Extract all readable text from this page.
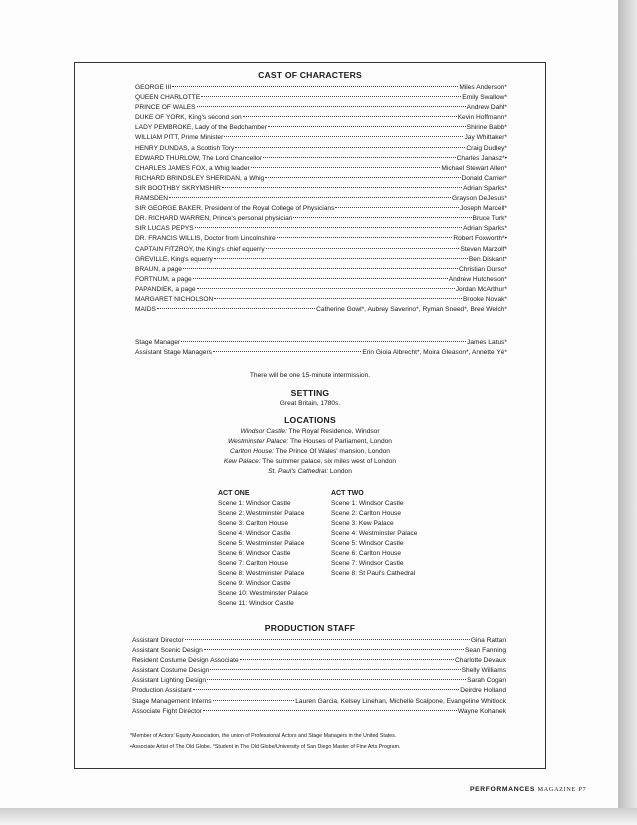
CAST OF CHARACTERS
GEORGE III	Miles Anderson*
QUEEN CHARLOTTE	Emily Swallow*
PRINCE OF WALES	Andrew Dahl*
DUKE OF YORK, King's second son	Kevin Hoffmann*
LADY PEMBROKE, Lady of the Bedchamber	Shirine Babb*
WILLIAM PITT, Prime Minister	Jay Whittaker*
HENRY DUNDAS, a Scottish Tory	Craig Dudley*
EDWARD THURLOW, The Lord Chancellor	Charles Janasz*•
CHARLES JAMES FOX, a Whig leader	Michael Stewart Allen*
RICHARD BRINDSLEY SHERIDAN, a Whig	Donald Carrier*
SIR BOOTHBY SKRYMSHIR	Adrian Sparks*
RAMSDEN	Grayson DeJesus*
SIR GEORGE BAKER, President of the Royal College of Physicians	Joseph Marcell*
DR. RICHARD WARREN, Prince's personal physician	Bruce Turk*
SIR LUCAS PEPYS	Adrian Sparks*
DR. FRANCIS WILLIS, Doctor from Lincolnshire	Robert Foxworth*•
CAPTAIN FITZROY, the King's chief equerry	Steven Marzolf*
GREVILLE, King's equerry	Ben Diskant*
BRAUN, a page	Christian Durso*
FORTNUM, a page	Andrew Hutcheson*
PAPANDIEK, a page	Jordan McArthur*
MARGARET NICHOLSON	Brooke Novak*
MAIDS	Catherine Gowl*, Aubrey Saverino*, Ryman Sneed*, Bree Welch*
Stage Manager	James Latus*
Assistant Stage Managers	Erin Gioia Albrecht*, Moira Gleason*, Annette Yé*
There will be one 15-minute intermission.
SETTING
Great Britain, 1780s.
LOCATIONS
Windsor Castle: The Royal Residence, Windsor
Westminster Palace: The Houses of Parliament, London
Carlton House: The Prince Of Wales' mansion, London
Kew Palace: The summer palace, six miles west of London
St. Paul's Cathedral: London
ACT ONE
Scene 1: Windsor Castle
Scene 2: Westminster Palace
Scene 3: Carlton House
Scene 4: Windsor Castle
Scene 5: Westminster Palace
Scene 6: Windsor Castle
Scene 7: Carlton House
Scene 8: Westminster Palace
Scene 9: Windsor Castle
Scene 10: Westminster Palace
Scene 11: Windsor Castle
ACT TWO
Scene 1: Windsor Castle
Scene 2: Carlton House
Scene 3: Kew Palace
Scene 4: Westminster Palace
Scene 5: Windsor Castle
Scene 6: Carlton House
Scene 7: Windsor Castle
Scene 8: St Paul's Cathedral
PRODUCTION STAFF
Assistant Director	Gina Rattan
Assistant Scenic Design	Sean Fanning
Resident Costume Design Associate	Charlotte Devaux
Assistant Costume Design	Shelly Williams
Assistant Lighting Design	Sarah Cogan
Production Assistant	Deirdre Holland
Stage Management Interns	Lauren Garcia, Kelsey Linehan, Michelle Scalpone, Evangeline Whitlock
Associate Fight Director	Wayne Kohanek
*Member of Actors' Equity Association, the union of Professional Actors and Stage Managers in the United States.
•Associate Artist of The Old Globe. °Student in The Old Globe/University of San Diego Master of Fine Arts Program.
PERFORMANCES MAGAZINE P7
